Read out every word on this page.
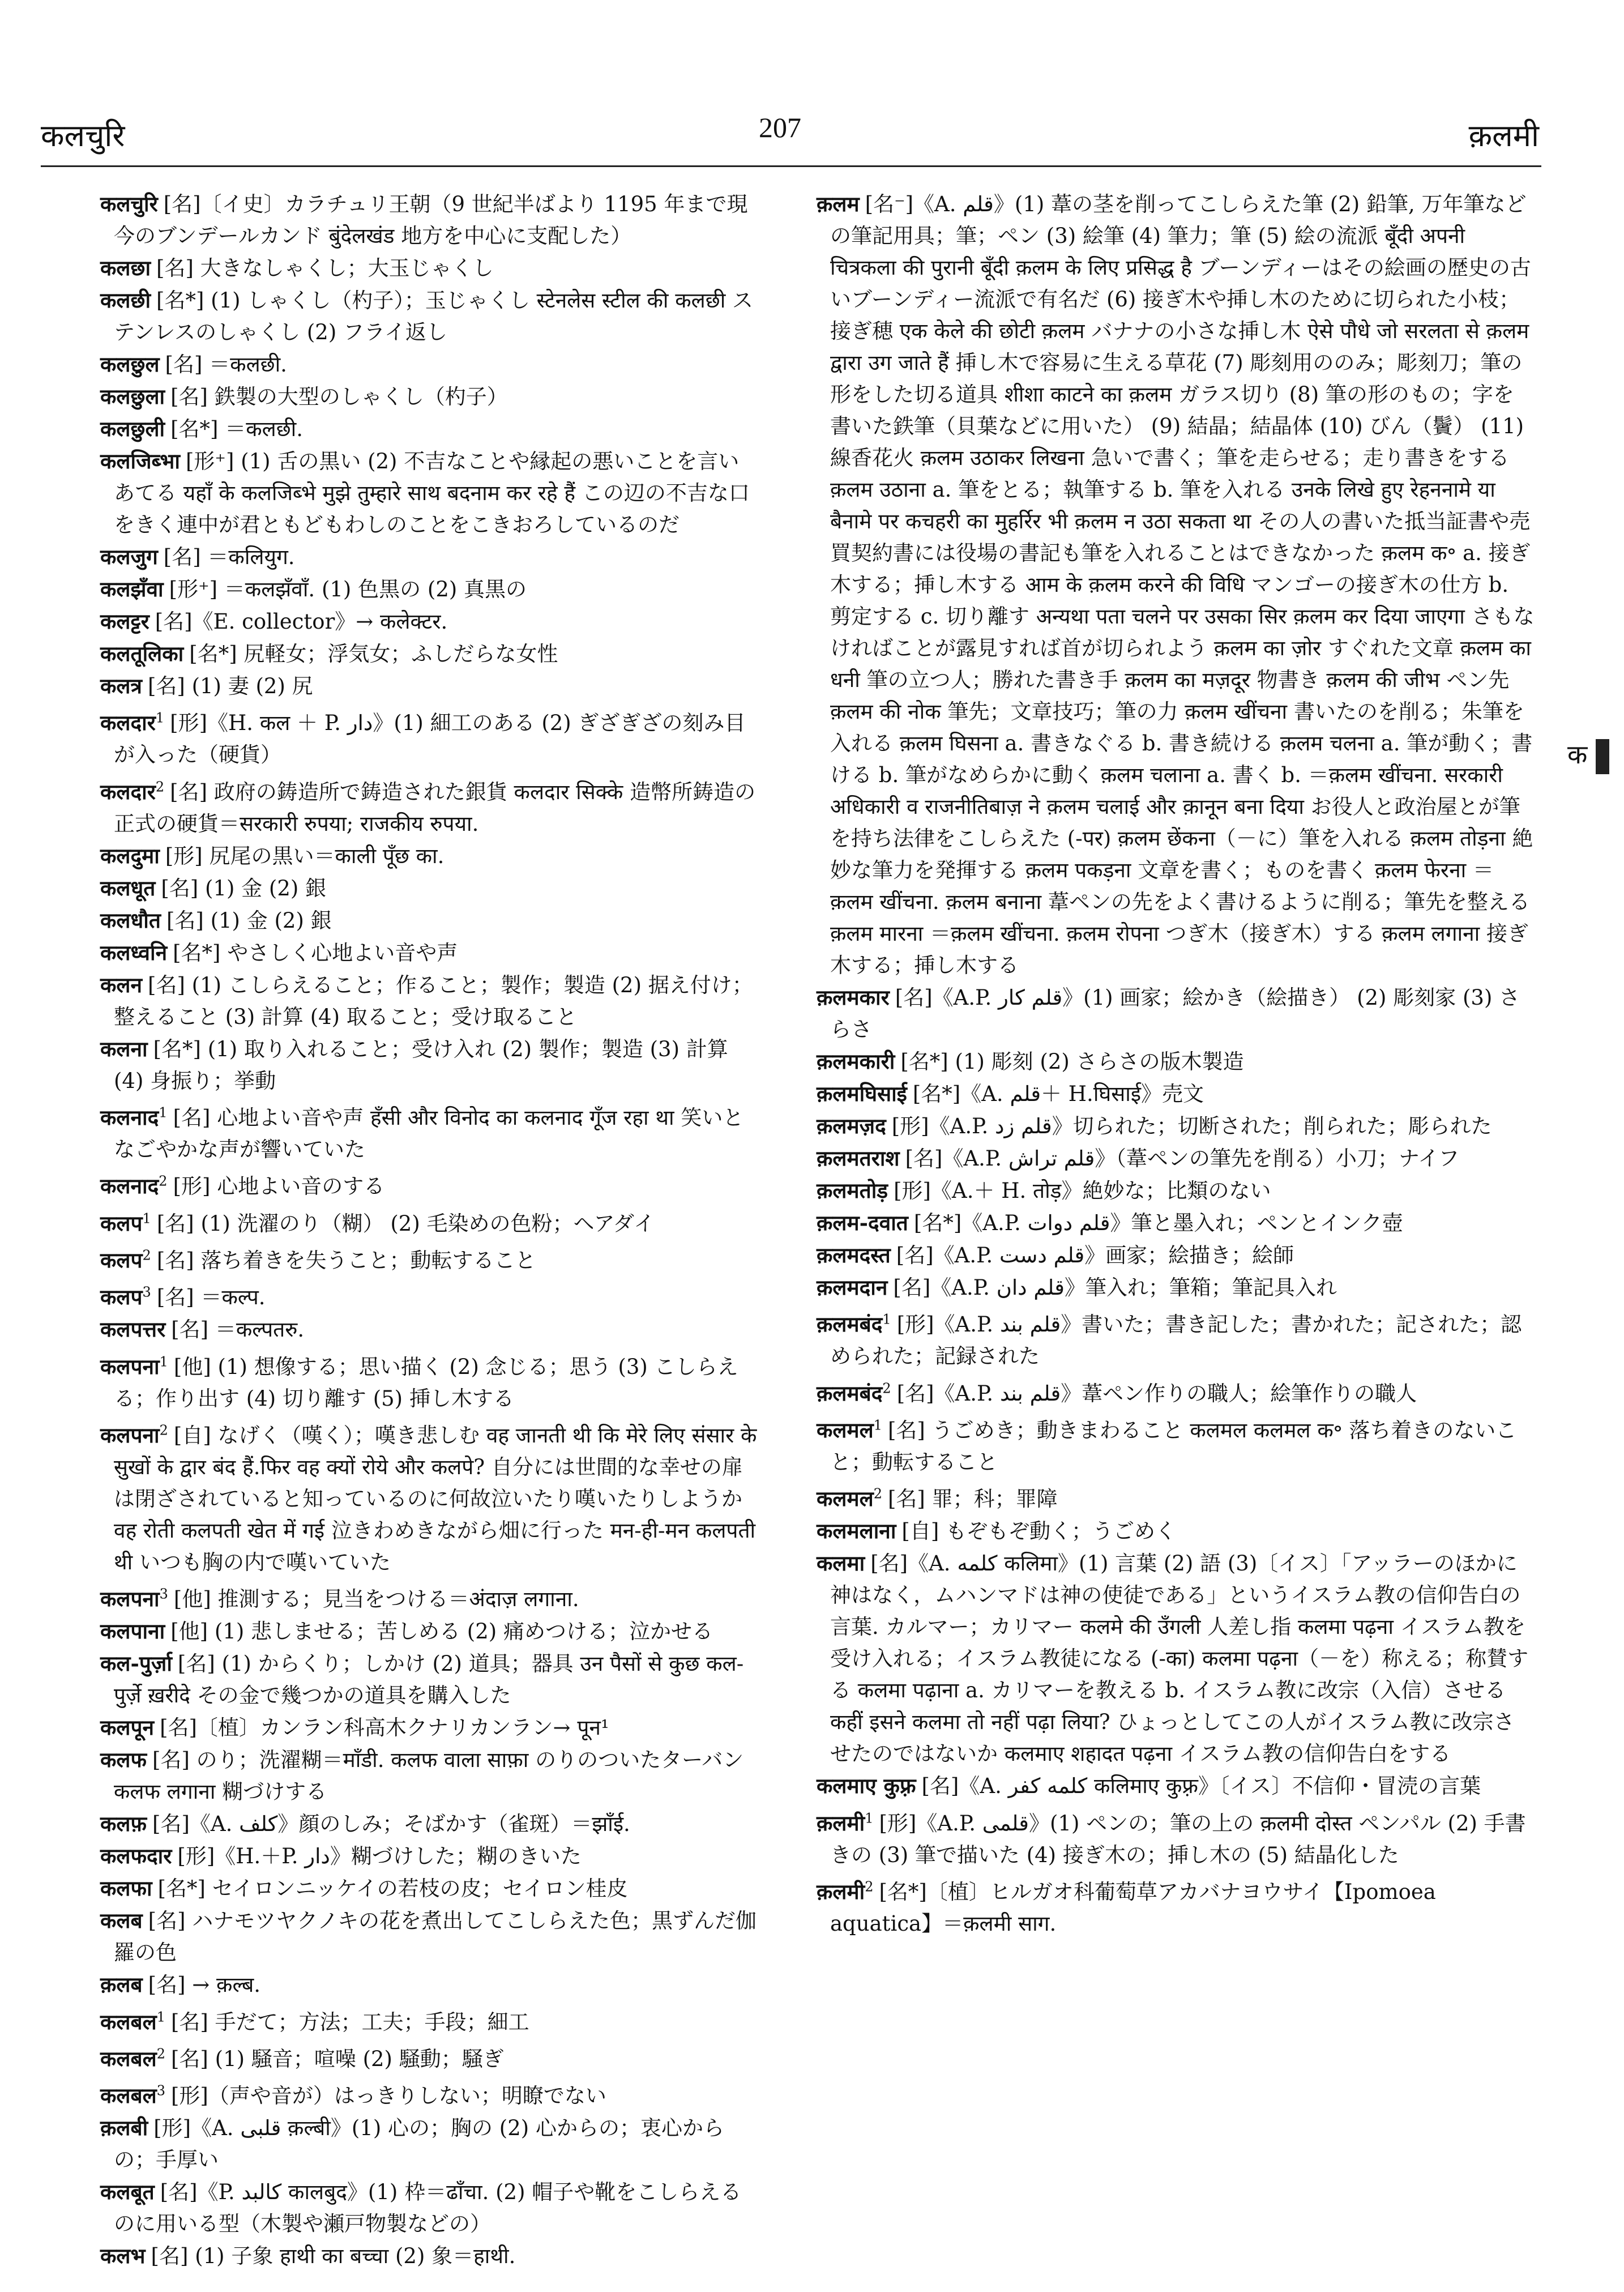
कलचुरि	207	क़लमी

कलचुरि [名]〔イ史〕カラチュリ王朝（9 世紀半ばより 1195 年まで現今のブンデールカンド बुंदेलखंड 地方を中心に支配した）

कलछा [名] 大きなしゃくし；大玉じゃくし

कलछी [名*] (1) しゃくし（杓子）；玉じゃくし स्टेनलेस स्टील की कलछी ステンレスのしゃくし (2) フライ返し

कलछुल [名] ＝कलछी.

कलछुला [名] 鉄製の大型のしゃくし（杓子）

कलछुली [名*] ＝कलछी.

कलजिब्भा [形⁺] (1) 舌の黒い (2) 不吉なことや縁起の悪いことを言いあてる यहाँ के कलजिब्भे मुझे तुम्हारे साथ बदनाम कर रहे हैं この辺の不吉な口をきく連中が君ともどもわしのことをこきおろしているのだ

कलजुग [名] ＝कलियुग.

कलझँवा [形⁺] ＝कलझँवाँ. (1) 色黒の (2) 真黒の

कलट्टर [名]《E. collector》→ कलेक्टर.

कलतूलिका [名*] 尻軽女；浮気女；ふしだらな女性

कलत्र [名] (1) 妻 (2) 尻

कलदार$^1$ [形]《H. कल ＋ P. دار》(1) 細工のある (2) ぎざぎざの刻み目が入った（硬貨）

कलदार$^2$ [名] 政府の鋳造所で鋳造された銀貨 कलदार सिक्के 造幣所鋳造の正式の硬貨＝सरकारी रुपया; राजकीय रुपया.

कलदुमा [形] 尻尾の黒い＝काली पूँछ का.

कलधूत [名] (1) 金 (2) 銀

कलधौत [名] (1) 金 (2) 銀

कलध्वनि [名*] やさしく心地よい音や声

कलन [名] (1) こしらえること；作ること；製作；製造 (2) 据え付け；整えること (3) 計算 (4) 取ること；受け取ること

कलना [名*] (1) 取り入れること；受け入れ (2) 製作；製造 (3) 計算 (4) 身振り；挙動

कलनाद$^1$ [名] 心地よい音や声 हँसी और विनोद का कलनाद गूँज रहा था 笑いとなごやかな声が響いていた

कलनाद$^2$ [形] 心地よい音のする

कलप$^1$ [名] (1) 洗濯のり（糊） (2) 毛染めの色粉；ヘアダイ

कलप$^2$ [名] 落ち着きを失うこと；動転すること

कलप$^3$ [名] ＝कल्प.

कलपत्तर [名] ＝कल्पतरु.

कलपना$^1$ [他] (1) 想像する；思い描く (2) 念じる；思う (3) こしらえる；作り出す (4) 切り離す (5) 挿し木する

कलपना$^2$ [自] なげく（嘆く）；嘆き悲しむ वह जानती थी कि मेरे लिए संसार के सुखों के द्वार बंद हैं.फिर वह क्यों रोये और कलपे? 自分には世間的な幸せの扉は閉ざされていると知っているのに何故泣いたり嘆いたりしようか वह रोती कलपती खेत में गई 泣きわめきながら畑に行った मन-ही-मन कलपती थी いつも胸の内で嘆いていた

कलपना$^3$ [他] 推測する；見当をつける＝अंदाज़ लगाना.

कलपाना [他] (1) 悲しませる；苦しめる (2) 痛めつける；泣かせる

कल-पुर्ज़ा [名] (1) からくり；しかけ (2) 道具；器具 उन पैसों से कुछ कल-पुर्ज़े ख़रीदे その金で幾つかの道具を購入した

कलपून [名]〔植〕カンラン科高木クナリカンラン→ पून¹

कलफ [名] のり；洗濯糊＝माँडी. कलफ वाला साफ़ा のりのついたターバン कलफ लगाना 糊づけする

कलफ़ [名]《A. كلف》顔のしみ；そばかす（雀斑）＝झाँई.

कलफदार [形]《H.＋P. دار》糊づけした；糊のきいた

कलफा [名*] セイロンニッケイの若枝の皮；セイロン桂皮

कलब [名] ハナモツヤクノキの花を煮出してこしらえた色；黒ずんだ伽羅の色

क़लब [名] → क़ल्ब.

कलबल$^1$ [名] 手だて；方法；工夫；手段；細工

कलबल$^2$ [名] (1) 騒音；喧噪 (2) 騒動；騒ぎ

कलबल$^3$ [形]（声や音が）はっきりしない；明瞭でない

क़लबी [形]《A. قلبی क़ल्बी》(1) 心の；胸の (2) 心からの；衷心からの；手厚い

कलबूत [名]《P. کالبد कालबुद》(1) 枠＝ढाँचा. (2) 帽子や靴をこしらえるのに用いる型（木製や瀬戸物製などの）

कलभ [名] (1) 子象 हाथी का बच्चा (2) 象＝हाथी.

क़लम [名⁻]《A. قلم》(1) 葦の茎を削ってこしらえた筆 (2) 鉛筆, 万年筆などの筆記用具；筆；ペン (3) 絵筆 (4) 筆力；筆 (5) 絵の流派 बूँदी अपनी चित्रकला की पुरानी बूँदी क़लम के लिए प्रसिद्ध है ブーンディーはその絵画の歴史の古いブーンディー流派で有名だ (6) 接ぎ木や挿し木のために切られた小枝；接ぎ穂 एक केले की छोटी क़लम バナナの小さな挿し木 ऐसे पौधे जो सरलता से क़लम द्वारा उग जाते हैं 挿し木で容易に生える草花 (7) 彫刻用ののみ；彫刻刀；筆の形をした切る道具 शीशा काटने का क़लम ガラス切り (8) 筆の形のもの；字を書いた鉄筆（貝葉などに用いた） (9) 結晶；結晶体 (10) びん（鬢） (11) 線香花火 क़लम उठाकर लिखना 急いで書く；筆を走らせる；走り書きをする क़लम उठाना a. 筆をとる；執筆する b. 筆を入れる उनके लिखे हुए रेहननामे या बैनामे पर कचहरी का मुहर्रिर भी क़लम न उठा सकता था その人の書いた抵当証書や売買契約書には役場の書記も筆を入れることはできなかった क़लम क॰ a. 接ぎ木する；挿し木する आम के क़लम करने की विधि マンゴーの接ぎ木の仕方 b. 剪定する c. 切り離す अन्यथा पता चलने पर उसका सिर क़लम कर दिया जाएगा さもなければことが露見すれば首が切られよう क़लम का ज़ोर すぐれた文章 क़लम का धनी 筆の立つ人；勝れた書き手 क़लम का मज़दूर 物書き क़लम की जीभ ペン先 क़लम की नोक 筆先；文章技巧；筆の力 क़लम खींचना 書いたのを削る；朱筆を入れる क़लम घिसना a. 書きなぐる b. 書き続ける क़लम चलना a. 筆が動く；書ける b. 筆がなめらかに動く क़लम चलाना a. 書く b. ＝क़लम खींचना. सरकारी अधिकारी व राजनीतिबाज़ ने क़लम चलाई और क़ानून बना दिया お役人と政治屋とが筆を持ち法律をこしらえた (-पर) क़लम छेंकना（－に）筆を入れる क़लम तोड़ना 絶妙な筆力を発揮する क़लम पकड़ना 文章を書く；ものを書く क़लम फेरना ＝क़लम खींचना. क़लम बनाना 葦ペンの先をよく書けるように削る；筆先を整える क़लम मारना ＝क़लम खींचना. क़लम रोपना つぎ木（接ぎ木）する क़लम लगाना 接ぎ木する；挿し木する

क़लमकार [名]《A.P. قلم کار》(1) 画家；絵かき（絵描き） (2) 彫刻家 (3) さらさ

क़लमकारी [名*] (1) 彫刻 (2) さらさの版木製造

क़लमघिसाई [名*]《A. قلم＋ H.घिसाई》売文

क़लमज़द [形]《A.P. قلم زد》切られた；切断された；削られた；彫られた

क़लमतराश [名]《A.P. قلم تراش》（葦ペンの筆先を削る）小刀；ナイフ

क़लमतोड़ [形]《A.＋ H. तोड़》絶妙な；比類のない

क़लम-दवात [名*]《A.P. قلم دوات》筆と墨入れ；ペンとインク壺

क़लमदस्त [名]《A.P. قلم دست》画家；絵描き；絵師

क़लमदान [名]《A.P. قلم دان》筆入れ；筆箱；筆記具入れ

क़लमबंद$^1$ [形]《A.P. قلم بند》書いた；書き記した；書かれた；記された；認められた；記録された

क़लमबंद$^2$ [名]《A.P. قلم بند》葦ペン作りの職人；絵筆作りの職人

कलमल$^1$ [名] うごめき；動きまわること कलमल कलमल क॰ 落ち着きのないこと；動転すること

कलमल$^2$ [名] 罪；科；罪障

कलमलाना [自] もぞもぞ動く；うごめく

कलमा [名]《A. کلمه कलिमा》(1) 言葉 (2) 語 (3)〔イス〕「アッラーのほかに神はなく，ムハンマドは神の使徒である」というイスラム教の信仰告白の言葉. カルマー；カリマー कलमे की उँगली 人差し指 कलमा पढ़ना イスラム教を受け入れる；イスラム教徒になる (-का) कलमा पढ़ना（－を）称える；称賛する कलमा पढ़ाना a. カリマーを教える b. イスラム教に改宗（入信）させる कहीं इसने कलमा तो नहीं पढ़ा लिया? ひょっとしてこの人がイスラム教に改宗させたのではないか कलमाए शहादत पढ़ना イスラム教の信仰告白をする

कलमाए कुफ़्र [名]《A. کلمه کفر कलिमाए कुफ़्र》〔イス〕不信仰・冒涜の言葉

क़लमी$^1$ [形]《A.P. قلمی》(1) ペンの；筆の上の क़लमी दोस्त ペンパル (2) 手書きの (3) 筆で描いた (4) 接ぎ木の；挿し木の (5) 結晶化した

क़लमी$^2$ [名*]〔植〕ヒルガオ科葡萄草アカバナヨウサイ【Ipomoea aquatica】＝क़लमी साग.

क
